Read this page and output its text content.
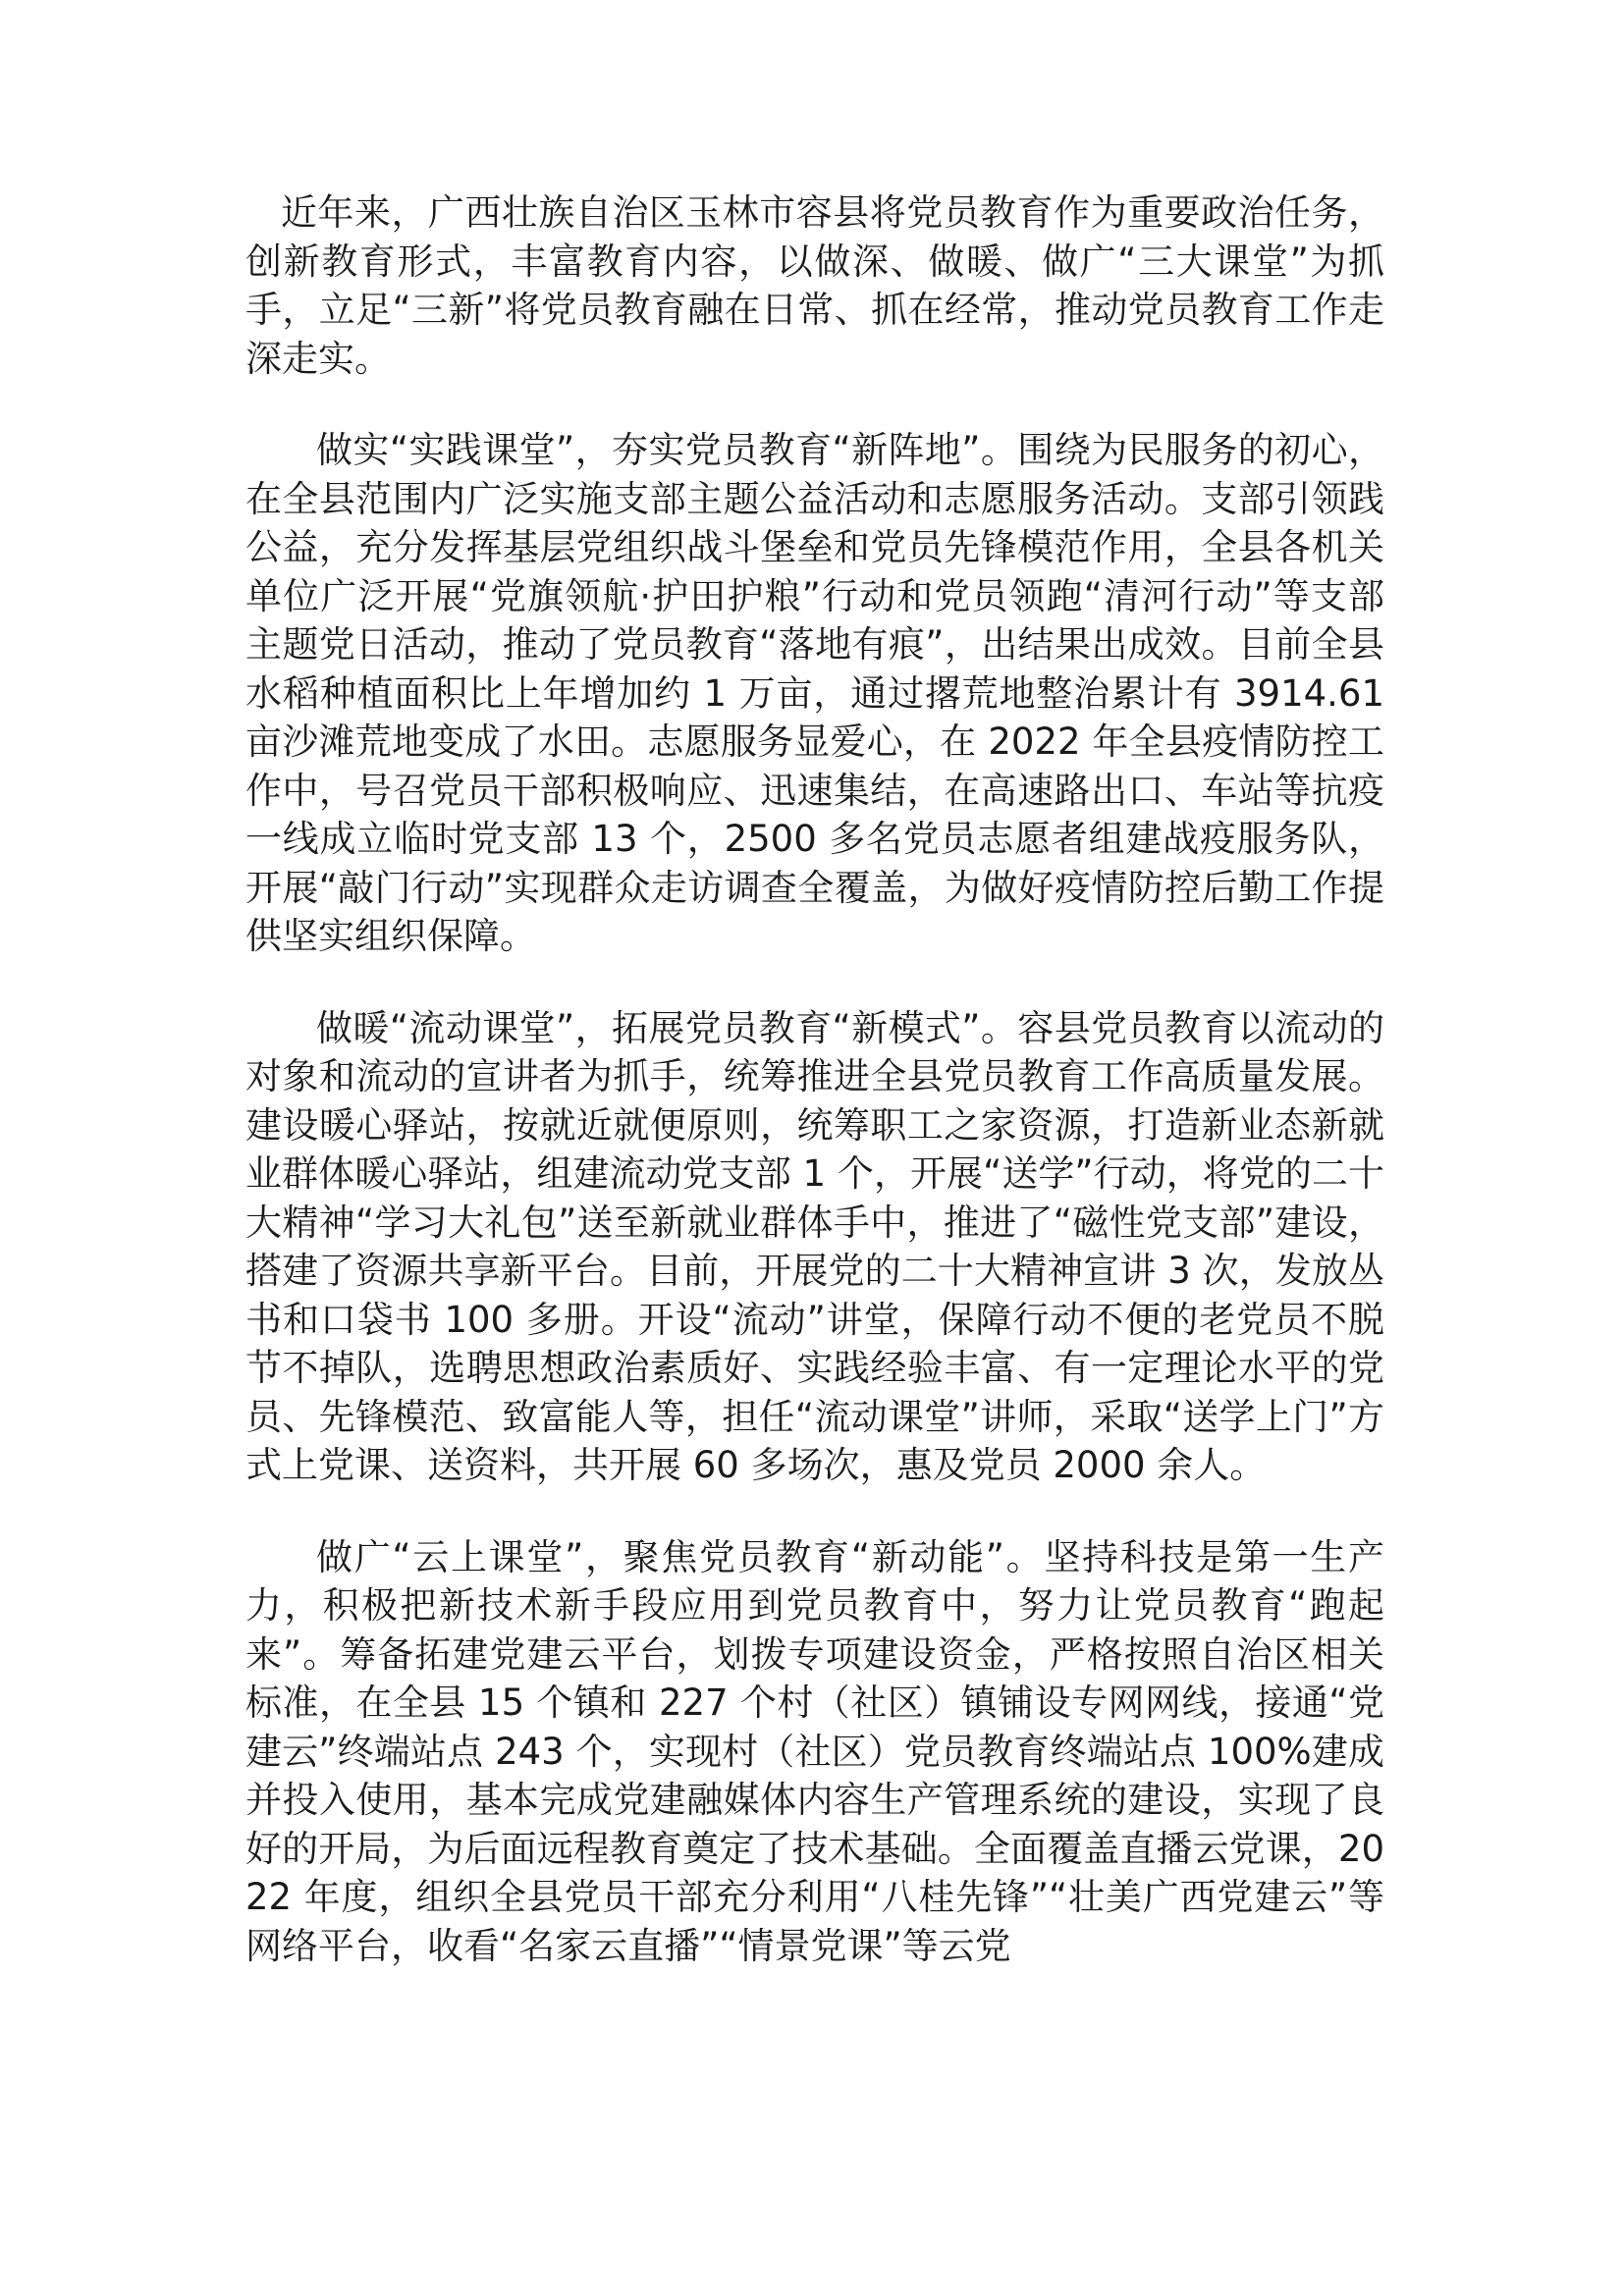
近年来，广西壮族自治区玉林市容县将党员教育作为重要政治任务，创新教育形式，丰富教育内容，以做深、做暖、做广“三大课堂”为抓手，立足“三新”将党员教育融在日常、抓在经常，推动党员教育工作走深走实。

做实“实践课堂”，夯实党员教育“新阵地”。围绕为民服务的初心，在全县范围内广泛实施支部主题公益活动和志愿服务活动。支部引领践公益，充分发挥基层党组织战斗堡垒和党员先锋模范作用，全县各机关单位广泛开展“党旗领航·护田护粮”行动和党员领跑“清河行动”等支部主题党日活动，推动了党员教育“落地有痕”，出结果出成效。目前全县水稻种植面积比上年增加约 1 万亩，通过撂荒地整治累计有 3914.61 亩沙滩荒地变成了水田。志愿服务显爱心，在 2022 年全县疫情防控工作中，号召党员干部积极响应、迅速集结，在高速路出口、车站等抗疫一线成立临时党支部 13 个，2500 多名党员志愿者组建战疫服务队，开展“敲门行动”实现群众走访调查全覆盖，为做好疫情防控后勤工作提供坚实组织保障。

做暖“流动课堂”，拓展党员教育“新模式”。容县党员教育以流动的对象和流动的宣讲者为抓手，统筹推进全县党员教育工作高质量发展。建设暖心驿站，按就近就便原则，统筹职工之家资源，打造新业态新就业群体暖心驿站，组建流动党支部 1 个，开展“送学”行动，将党的二十大精神“学习大礼包”送至新就业群体手中，推进了“磁性党支部”建设，搭建了资源共享新平台。目前，开展党的二十大精神宣讲 3 次，发放丛书和口袋书 100 多册。开设“流动”讲堂，保障行动不便的老党员不脱节不掉队，选聘思想政治素质好、实践经验丰富、有一定理论水平的党员、先锋模范、致富能人等，担任“流动课堂”讲师，采取“送学上门”方式上党课、送资料，共开展 60 多场次，惠及党员 2000 余人。

做广“云上课堂”，聚焦党员教育“新动能”。坚持科技是第一生产力，积极把新技术新手段应用到党员教育中，努力让党员教育“跑起来”。筹备拓建党建云平台，划拨专项建设资金，严格按照自治区相关标准，在全县 15 个镇和 227 个村（社区）镇铺设专网网线，接通“党建云”终端站点 243 个，实现村（社区）党员教育终端站点 100%建成并投入使用，基本完成党建融媒体内容生产管理系统的建设，实现了良好的开局，为后面远程教育奠定了技术基础。全面覆盖直播云党课，2022 年度，组织全县党员干部充分利用“八桂先锋”“壮美广西党建云”等网络平台，收看“名家云直播”“情景党课”等云党
